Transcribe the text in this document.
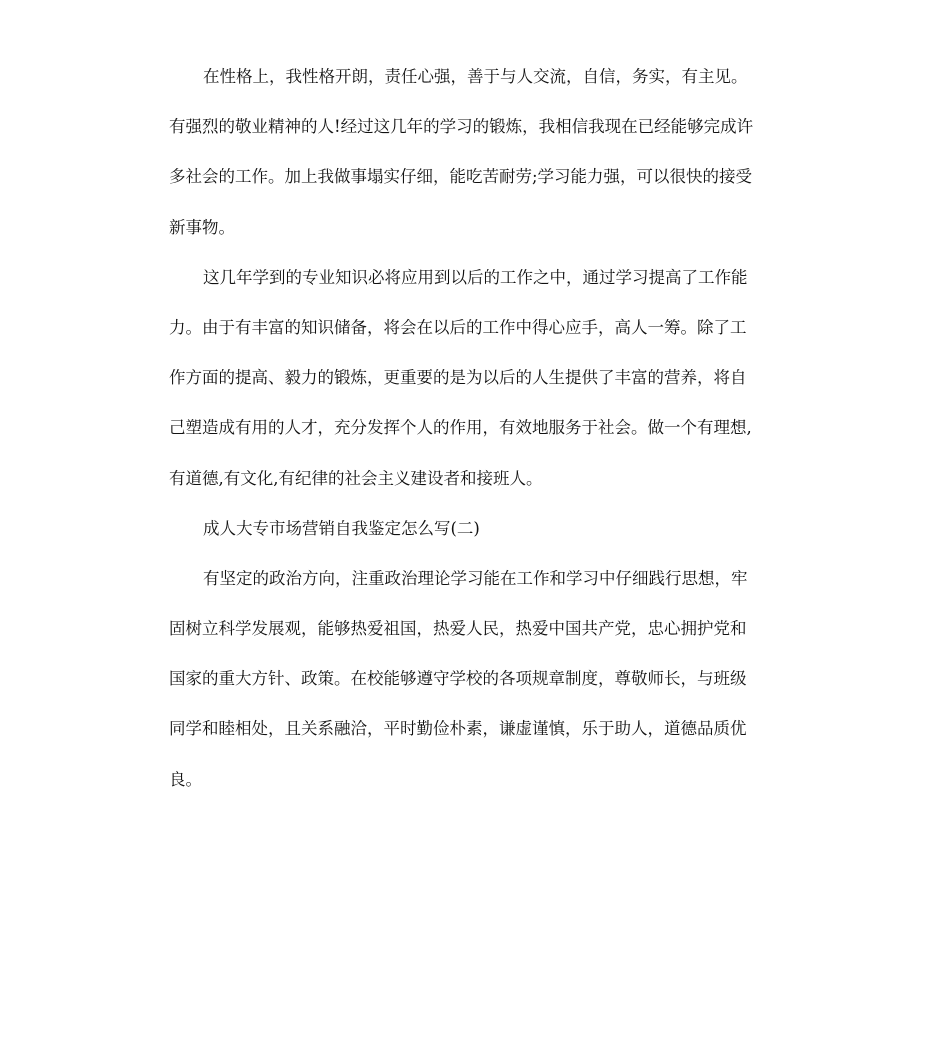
在性格上，我性格开朗，责任心强，善于与人交流，自信，务实，有主见。
有强烈的敬业精神的人!经过这几年的学习的锻炼，我相信我现在已经能够完成许
多社会的工作。加上我做事塌实仔细，能吃苦耐劳;学习能力强，可以很快的接受
新事物。
这几年学到的专业知识必将应用到以后的工作之中，通过学习提高了工作能
力。由于有丰富的知识储备，将会在以后的工作中得心应手，高人一筹。除了工
作方面的提高、毅力的锻炼，更重要的是为以后的人生提供了丰富的营养，将自
己塑造成有用的人才，充分发挥个人的作用，有效地服务于社会。做一个有理想,
有道德,有文化,有纪律的社会主义建设者和接班人。
成人大专市场营销自我鉴定怎么写(二)
有坚定的政治方向，注重政治理论学习能在工作和学习中仔细践行思想，牢
固树立科学发展观，能够热爱祖国，热爱人民，热爱中国共产党，忠心拥护党和
国家的重大方针、政策。在校能够遵守学校的各项规章制度，尊敬师长，与班级
同学和睦相处，且关系融洽，平时勤俭朴素，谦虚谨慎，乐于助人，道德品质优
良。
